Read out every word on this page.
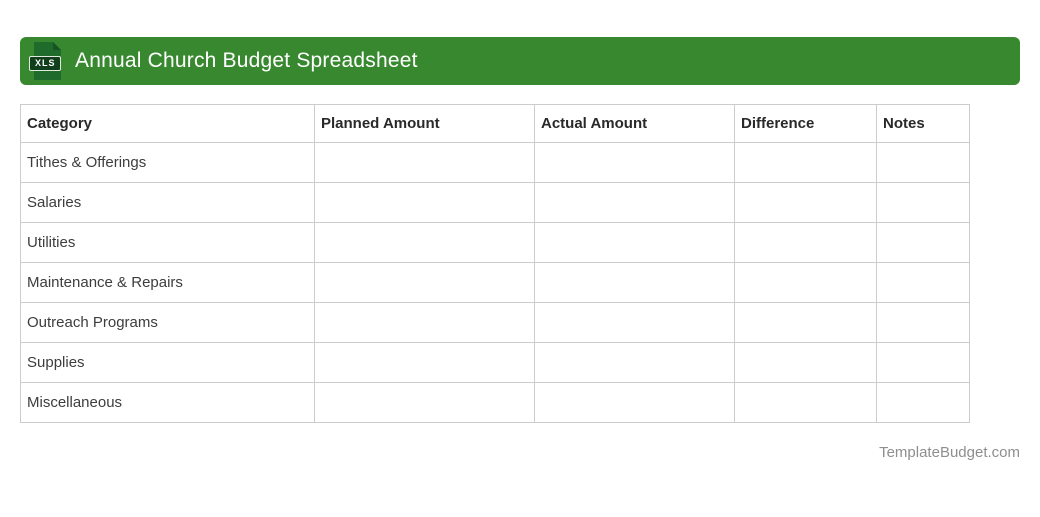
XLS Annual Church Budget Spreadsheet
Category	Planned Amount	Actual Amount	Difference	Notes
Tithes & Offerings				
Salaries				
Utilities				
Maintenance & Repairs				
Outreach Programs				
Supplies				
Miscellaneous				
TemplateBudget.com
